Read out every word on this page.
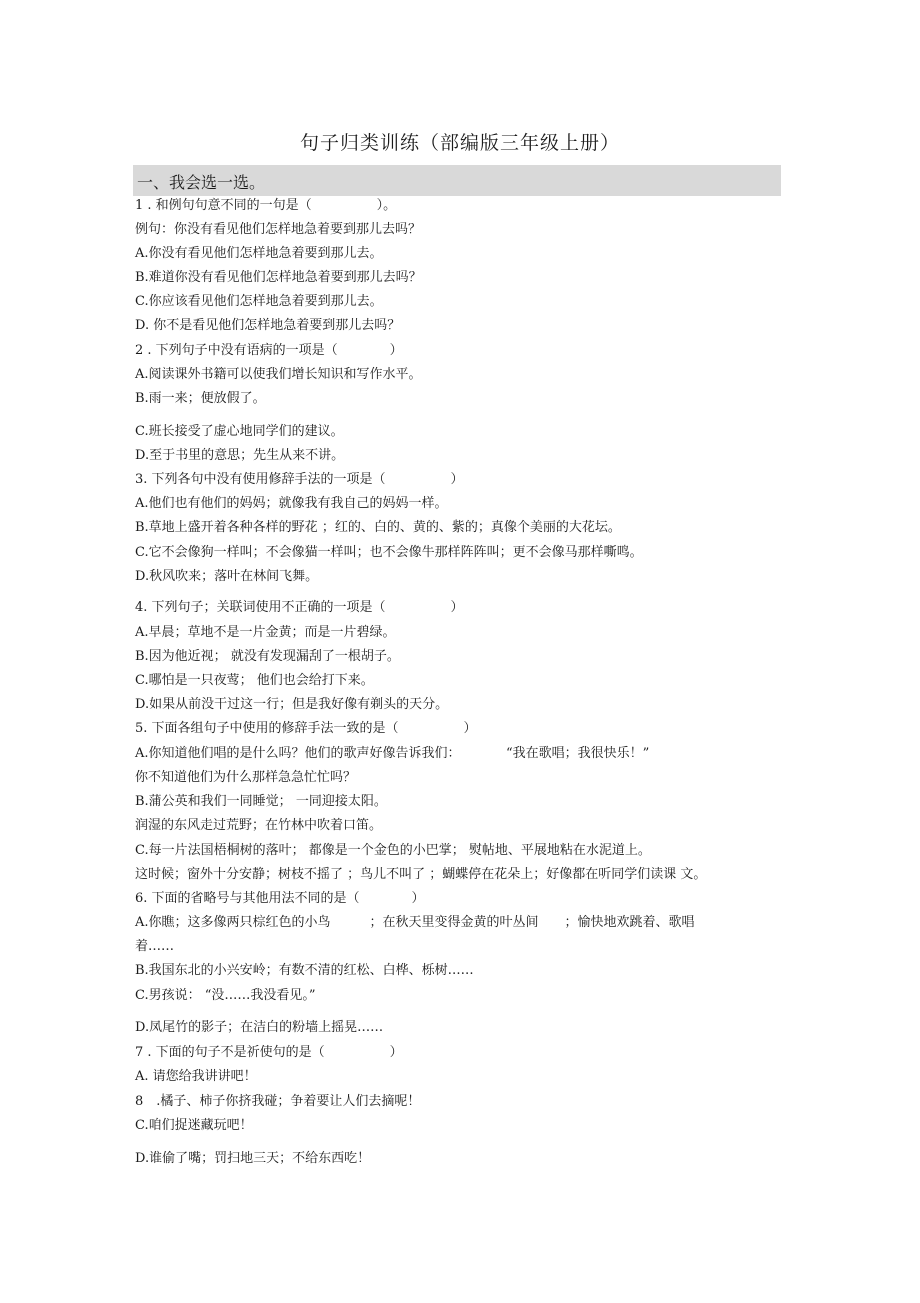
句子归类训练（部编版三年级上册）
一、我会选一选。

1 . 和例句句意不同的一句是（　　　　　）。

例句：你没有看见他们怎样地急着要到那儿去吗？

A.你没有看见他们怎样地急着要到那儿去。

B.难道你没有看见他们怎样地急着要到那儿去吗？

C.你应该看见他们怎样地急着要到那儿去。

D. 你不是看见他们怎样地急着要到那儿去吗？

2 . 下列句子中没有语病的一项是（　　　　）

A.阅读课外书籍可以使我们增长知识和写作水平。

B.雨一来；便放假了。

C.班长接受了虚心地同学们的建议。

D.至于书里的意思；先生从来不讲。

3. 下列各句中没有使用修辞手法的一项是（　　　　　）

A.他们也有他们的妈妈；就像我有我自己的妈妈一样。

B.草地上盛开着各种各样的野花 ；红的、白的、黄的、紫的；真像个美丽的大花坛。

C.它不会像狗一样叫；不会像猫一样叫；也不会像牛那样阵阵叫；更不会像马那样嘶鸣。

D.秋风吹来；落叶在林间飞舞。

4. 下列句子；关联词使用不正确的一项是（　　　　　）

A.早晨；草地不是一片金黄；而是一片碧绿。

B.因为他近视； 就没有发现漏刮了一根胡子。

C.哪怕是一只夜莺； 他们也会给打下来。

D.如果从前没干过这一行；但是我好像有剃头的天分。

5. 下面各组句子中使用的修辞手法一致的是（　　　　　）

A.你知道他们唱的是什么吗？他们的歌声好像告诉我们：　　　　“我在歌唱；我很快乐！”

你不知道他们为什么那样急急忙忙吗？

B.蒲公英和我们一同睡觉； 一同迎接太阳。

润湿的东风走过荒野；在竹林中吹着口笛。

C.每一片法国梧桐树的落叶； 都像是一个金色的小巴掌； 熨帖地、平展地粘在水泥道上。

这时候；窗外十分安静；树枝不摇了 ；鸟儿不叫了 ；蝴蝶停在花朵上；好像都在听同学们读课 文。

6. 下面的省略号与其他用法不同的是（　　　　）

A.你瞧；这多像两只棕红色的小鸟　　　；在秋天里变得金黄的叶丛间　　；愉快地欢跳着、歌唱

着……

B.我国东北的小兴安岭；有数不清的红松、白桦、栎树……

C.男孩说： “没……我没看见。”

D.凤尾竹的影子；在洁白的粉墙上摇晃……

7 . 下面的句子不是祈使句的是（　　　　　）

A. 请您给我讲讲吧！

8　.橘子、柿子你挤我碰；争着要让人们去摘呢！

C.咱们捉迷藏玩吧！

D.谁偷了嘴；罚扫地三天；不给东西吃！
